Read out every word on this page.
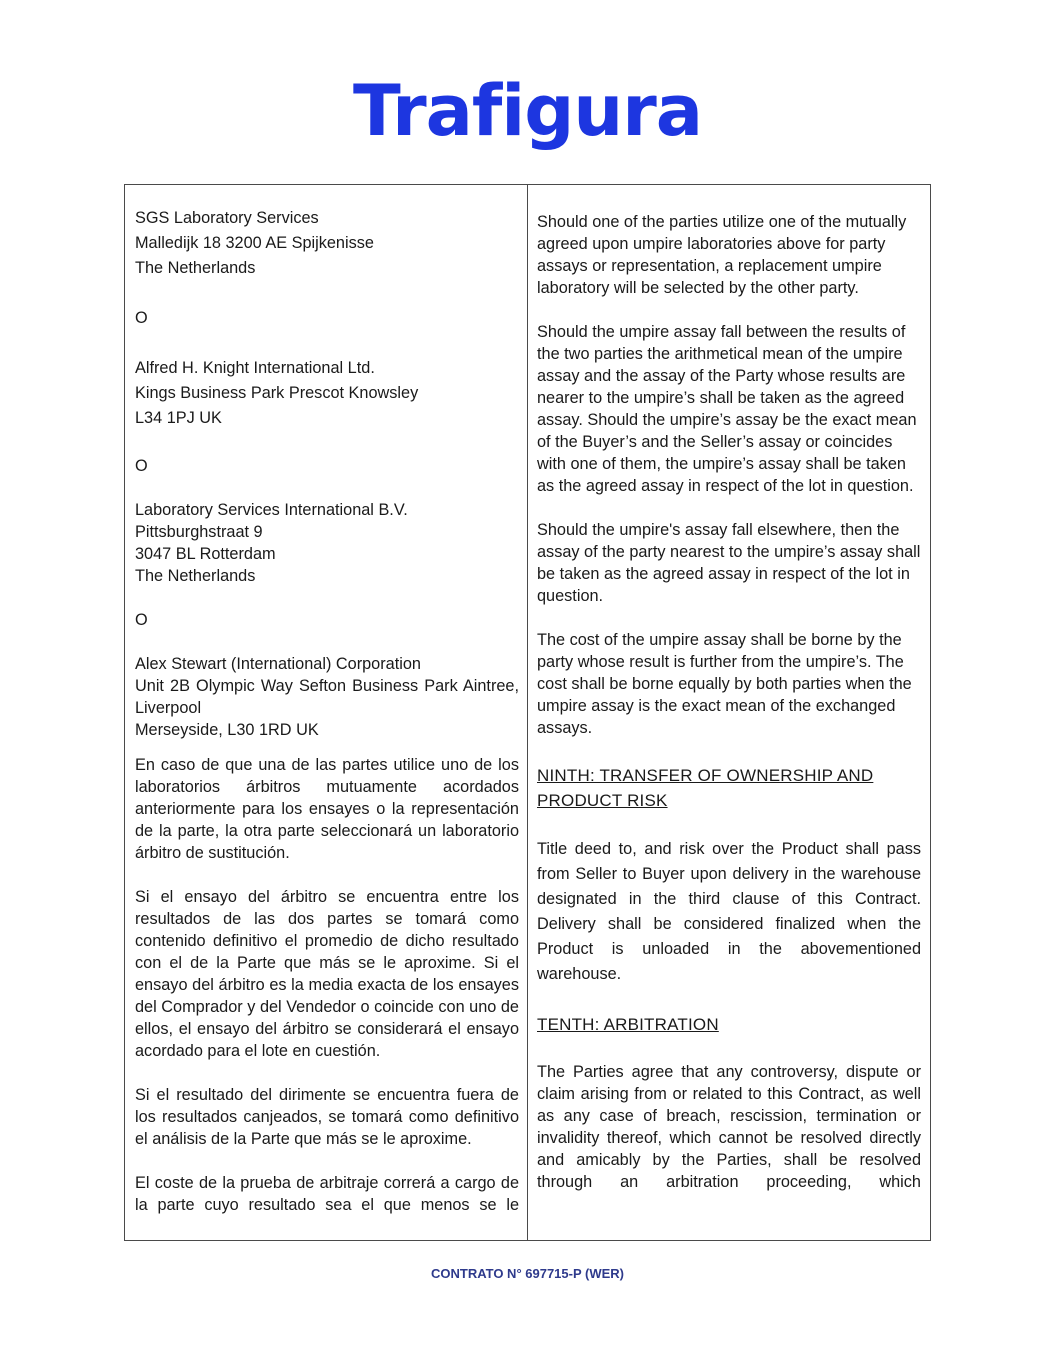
Trafigura

SGS Laboratory Services

Malledijk 18 3200 AE Spijkenisse

The Netherlands

O

Alfred H. Knight International Ltd.

Kings Business Park Prescot Knowsley

L34 1PJ UK

O

Laboratory Services International B.V.

Pittsburghstraat 9

3047 BL Rotterdam

The Netherlands

O

Alex Stewart (International) Corporation

Unit 2B Olympic Way Sefton Business Park Aintree, Liverpool

Merseyside, L30 1RD UK

En caso de que una de las partes utilice uno de los laboratorios árbitros mutuamente acordados anteriormente para los ensayes o la representación de la parte, la otra parte seleccionará un laboratorio árbitro de sustitución.

Si el ensayo del árbitro se encuentra entre los resultados de las dos partes se tomará como contenido definitivo el promedio de dicho resultado con el de la Parte que más se le aproxime. Si el ensayo del árbitro es la media exacta de los ensayes del Comprador y del Vendedor o coincide con uno de ellos, el ensayo del árbitro se considerará el ensayo acordado para el lote en cuestión.

Si el resultado del dirimente se encuentra fuera de los resultados canjeados, se tomará como definitivo el análisis de la Parte que más se le aproxime.

El coste de la prueba de arbitraje correrá a cargo de la parte cuyo resultado sea el que menos se le

Should one of the parties utilize one of the mutually agreed upon umpire laboratories above for party assays or representation, a replacement umpire laboratory will be selected by the other party.

Should the umpire assay fall between the results of the two parties the arithmetical mean of the umpire assay and the assay of the Party whose results are nearer to the umpire’s shall be taken as the agreed assay. Should the umpire’s assay be the exact mean of the Buyer’s and the Seller’s assay or coincides with one of them, the umpire’s assay shall be taken as the agreed assay in respect of the lot in question.

Should the umpire's assay fall elsewhere, then the assay of the party nearest to the umpire’s assay shall be taken as the agreed assay in respect of the lot in question.

The cost of the umpire assay shall be borne by the party whose result is further from the umpire’s. The cost shall be borne equally by both parties when the umpire assay is the exact mean of the exchanged assays.

NINTH: TRANSFER OF OWNERSHIP AND PRODUCT RISK

Title deed to, and risk over the Product shall pass from Seller to Buyer upon delivery in the warehouse designated in the third clause of this Contract. Delivery shall be considered finalized when the Product is unloaded in the abovementioned warehouse.

TENTH: ARBITRATION

The Parties agree that any controversy, dispute or claim arising from or related to this Contract, as well as any case of breach, rescission, termination or invalidity thereof, which cannot be resolved directly and amicably by the Parties, shall be resolved through an arbitration proceeding, which

CONTRATO N° 697715-P (WER)
